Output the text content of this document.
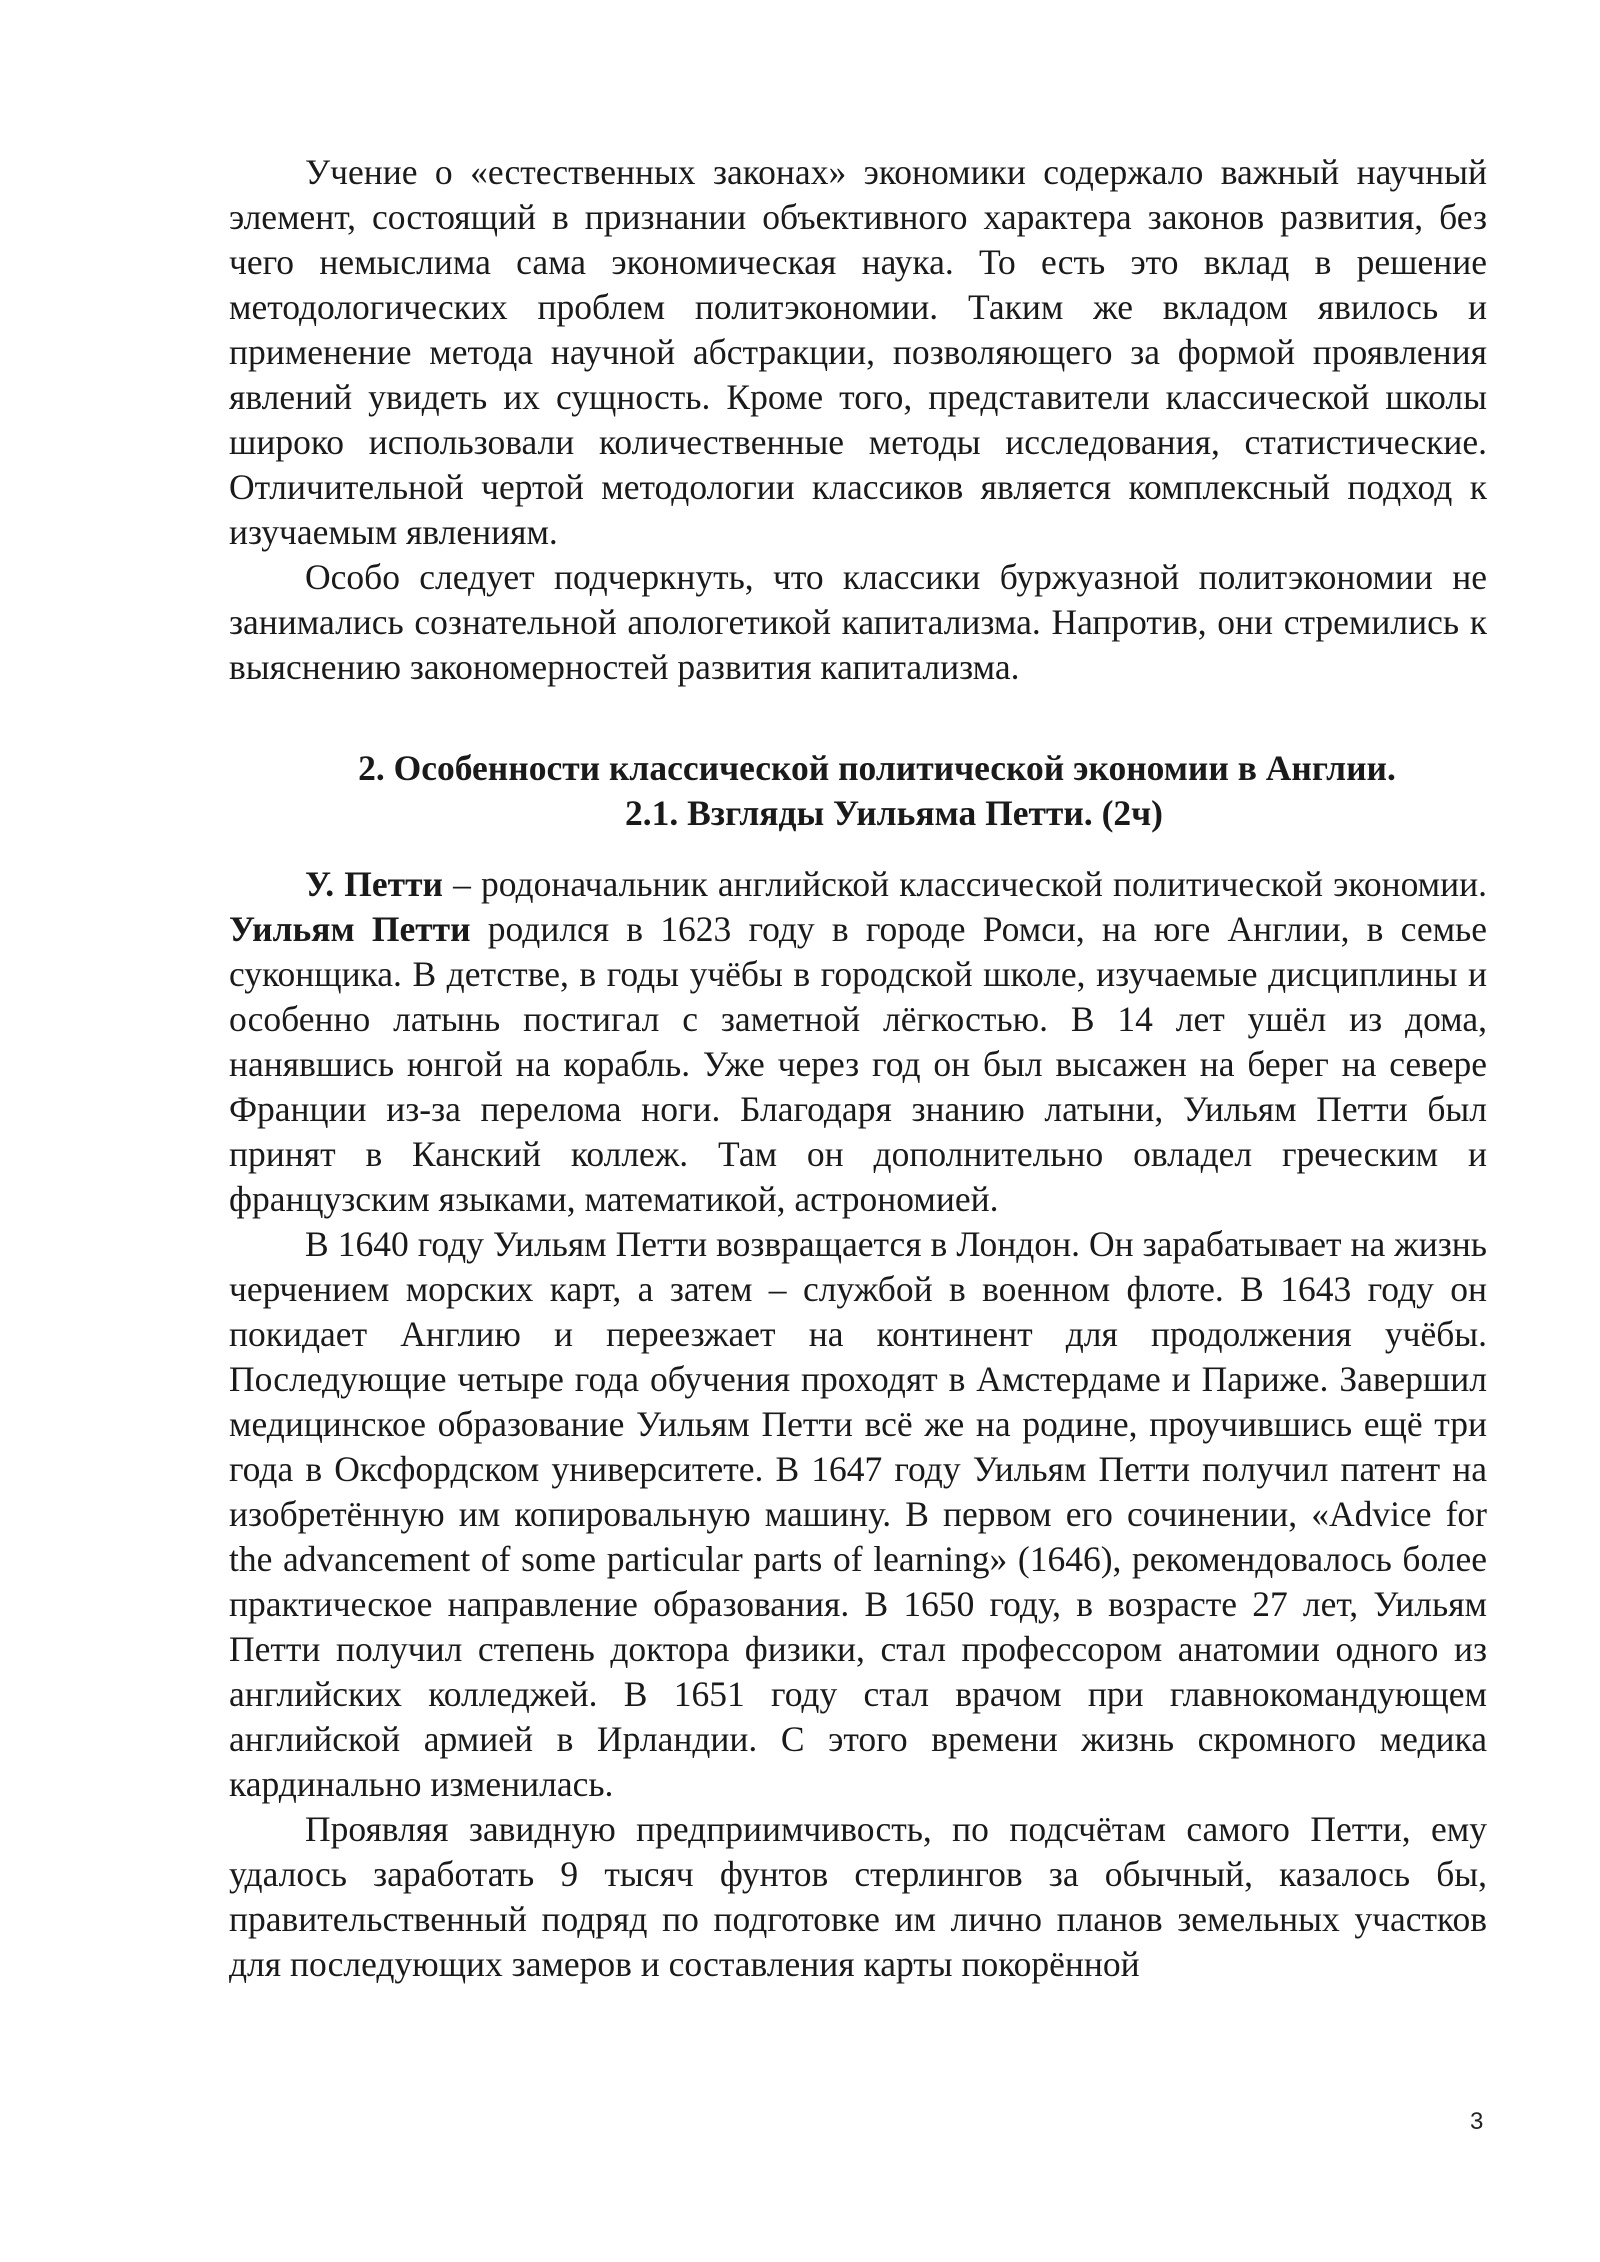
Учение о «естественных законах» экономики содержало важный научный элемент, состоящий в признании объективного характера законов развития, без чего немыслима сама экономическая наука. То есть это вклад в решение методологических проблем политэкономии. Таким же вкладом явилось и применение метода научной абстракции, позволяющего за формой проявления явлений увидеть их сущность. Кроме того, представители классической школы широко использовали количественные методы исследования, статистические. Отличительной чертой методологии классиков является комплексный подход к изучаемым явлениям.

Особо следует подчеркнуть, что классики буржуазной политэкономии не занимались сознательной апологетикой капитализма. Напротив, они стремились к выяснению закономерностей развития капитализма.

2. Особенности классической политической экономии в Англии.
2.1. Взгляды Уильяма Петти. (2ч)

У. Петти – родоначальник английской классической политической экономии. Уильям Петти родился в 1623 году в городе Ромси, на юге Англии, в семье суконщика. В детстве, в годы учёбы в городской школе, изучаемые дисциплины и особенно латынь постигал с заметной лёгкостью. В 14 лет ушёл из дома, нанявшись юнгой на корабль. Уже через год он был высажен на берег на севере Франции из-за перелома ноги. Благодаря знанию латыни, Уильям Петти был принят в Канский коллеж. Там он дополнительно овладел греческим и французским языками, математикой, астрономией.

В 1640 году Уильям Петти возвращается в Лондон. Он зарабатывает на жизнь черчением морских карт, а затем – службой в военном флоте. В 1643 году он покидает Англию и переезжает на континент для продолжения учёбы. Последующие четыре года обучения проходят в Амстердаме и Париже. Завершил медицинское образование Уильям Петти всё же на родине, проучившись ещё три года в Оксфордском университете. В 1647 году Уильям Петти получил патент на изобретённую им копировальную машину. В первом его сочинении, «Advice for the advancement of some particular parts of learning» (1646), рекомендовалось более практическое направление образования. В 1650 году, в возрасте 27 лет, Уильям Петти получил степень доктора физики, стал профессором анатомии одного из английских колледжей. В 1651 году стал врачом при главнокомандующем английской армией в Ирландии. С этого времени жизнь скромного медика кардинально изменилась.

Проявляя завидную предприимчивость, по подсчётам самого Петти, ему удалось заработать 9 тысяч фунтов стерлингов за обычный, казалось бы, правительственный подряд по подготовке им лично планов земельных участков для последующих замеров и составления карты покорённой

3
